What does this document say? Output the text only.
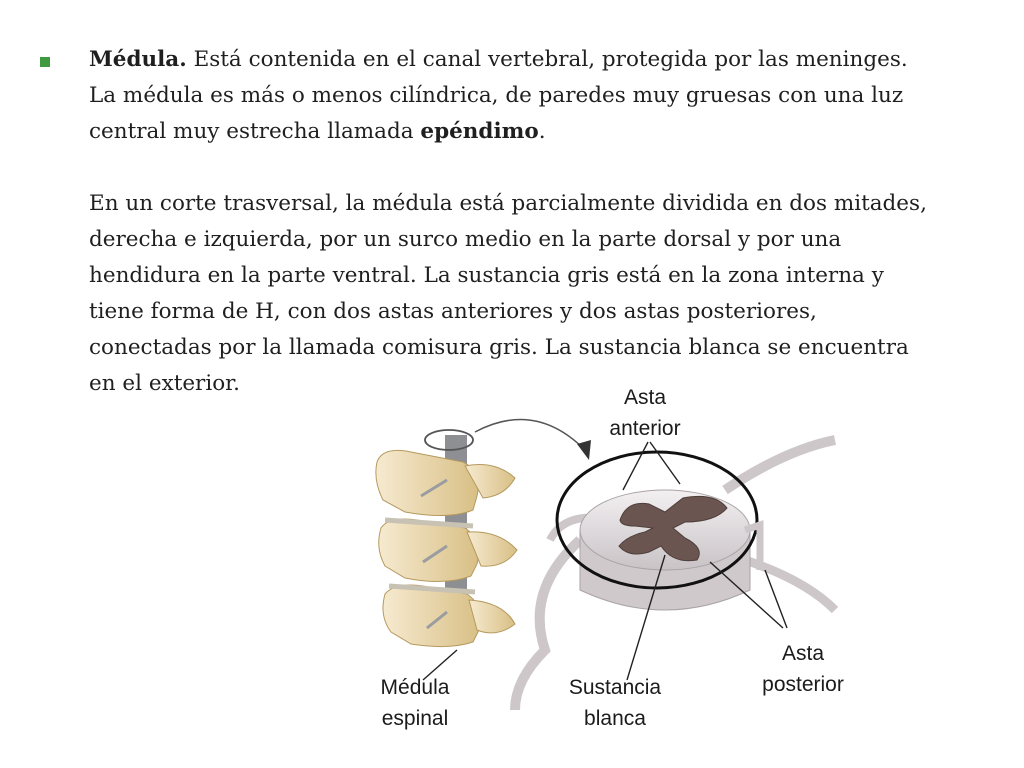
Médula. Está contenida en el canal vertebral, protegida por las meninges.
La médula es más o menos cilíndrica, de paredes muy gruesas con una luz
central muy estrecha llamada epéndimo.
En un corte trasversal, la médula está parcialmente dividida en dos mitades,
derecha e izquierda, por un surco medio en la parte dorsal y por una
hendidura en la parte ventral. La sustancia gris está en la zona interna y
tiene forma de H, con dos astas anteriores y dos astas posteriores,
conectadas por la llamada comisura gris. La sustancia blanca se encuentra
en el exterior.
Asta
anterior
Asta
posterior
Médula
espinal
Sustancia
blanca
